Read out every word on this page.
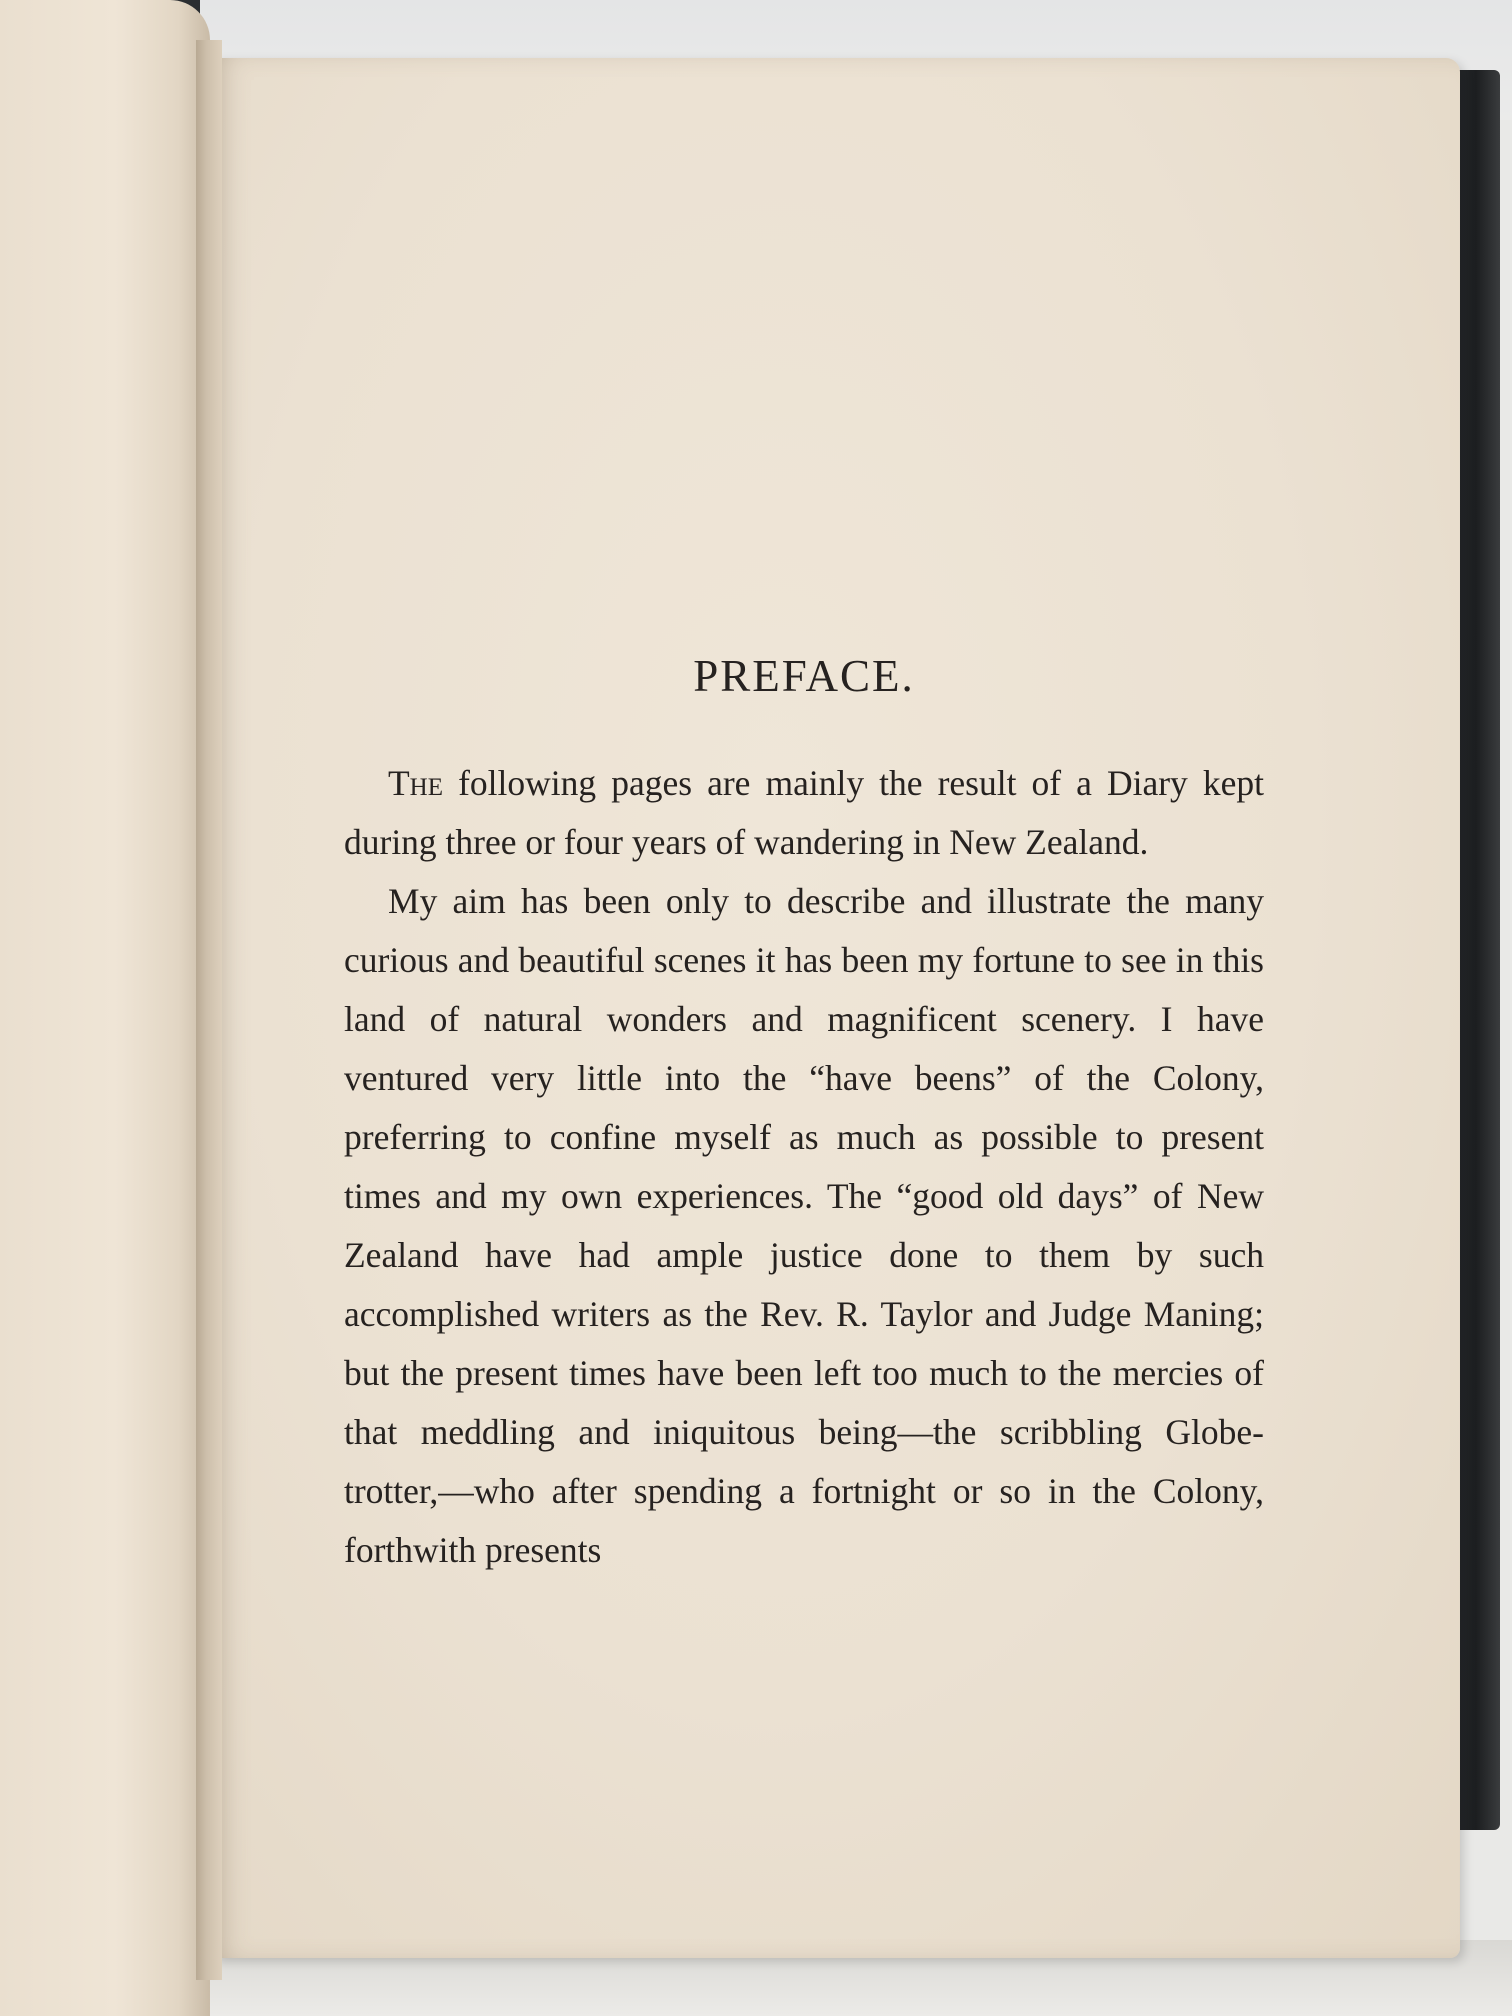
PREFACE.

The following pages are mainly the result of a Diary kept during three or four years of wandering in New Zealand.

My aim has been only to describe and illustrate the many curious and beautiful scenes it has been my fortune to see in this land of natural wonders and magnificent scenery. I have ventured very little into the “have beens” of the Colony, preferring to confine myself as much as possible to present times and my own experiences. The “good old days” of New Zealand have had ample justice done to them by such accomplished writers as the Rev. R. Taylor and Judge Maning; but the present times have been left too much to the mercies of that meddling and iniquitous being—the scribbling Globe-trotter,—who after spending a fortnight or so in the Colony, forthwith presents
